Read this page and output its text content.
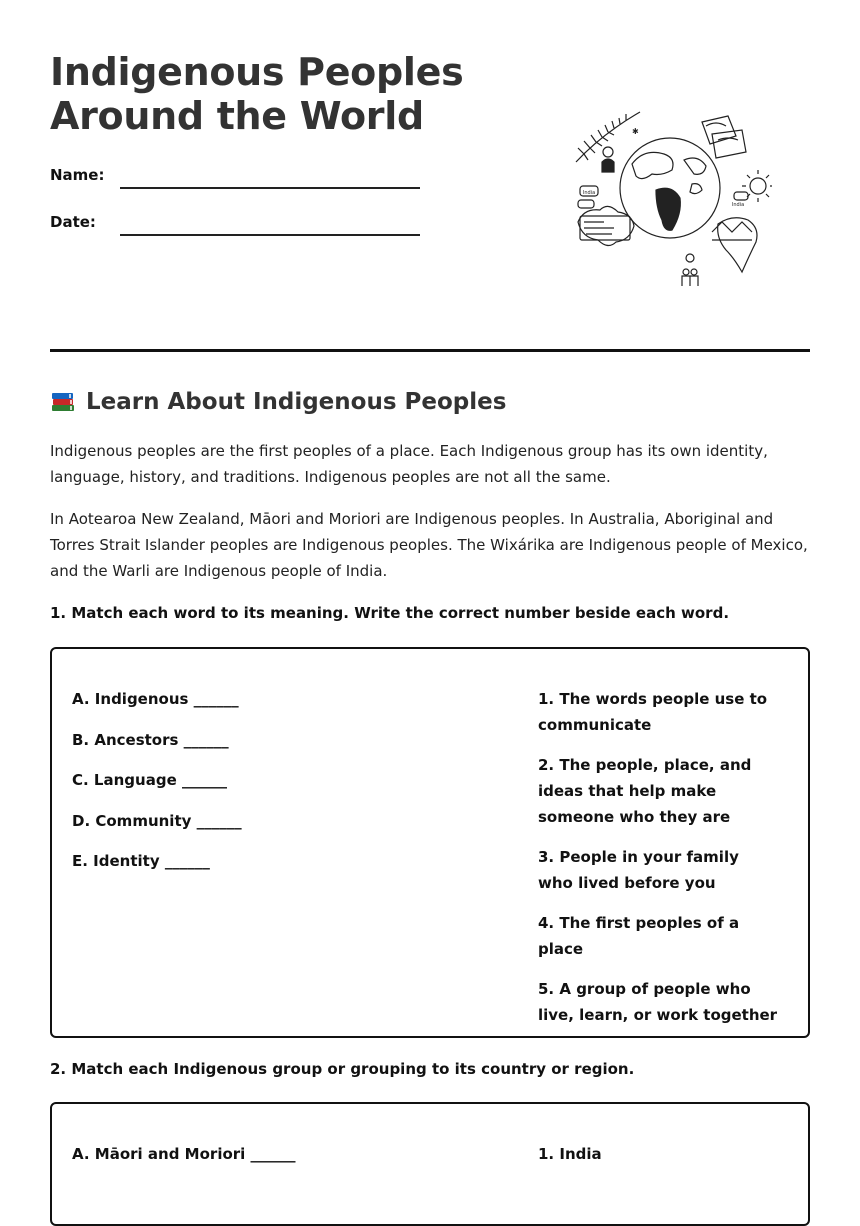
Indigenous Peoples
Around the World
Name:
Date:
✱
India
India
Learn About Indigenous Peoples

Indigenous peoples are the first peoples of a place. Each Indigenous group has its own identity, language, history, and traditions. Indigenous peoples are not all the same.

In Aotearoa New Zealand, Māori and Moriori are Indigenous peoples. In Australia, Aboriginal and Torres Strait Islander peoples are Indigenous peoples. The Wixárika are Indigenous people of Mexico, and the Warli are Indigenous people of India.

1. Match each word to its meaning. Write the correct number beside each word.

A. Indigenous ______
B. Ancestors ______
C. Language ______
D. Community ______
E. Identity ______
1. The words people use to communicate
2. The people, place, and ideas that help make someone who they are
3. People in your family who lived before you
4. The first peoples of a place
5. A group of people who live, learn, or work together

2. Match each Indigenous group or grouping to its country or region.

A. Māori and Moriori ______	1. India
